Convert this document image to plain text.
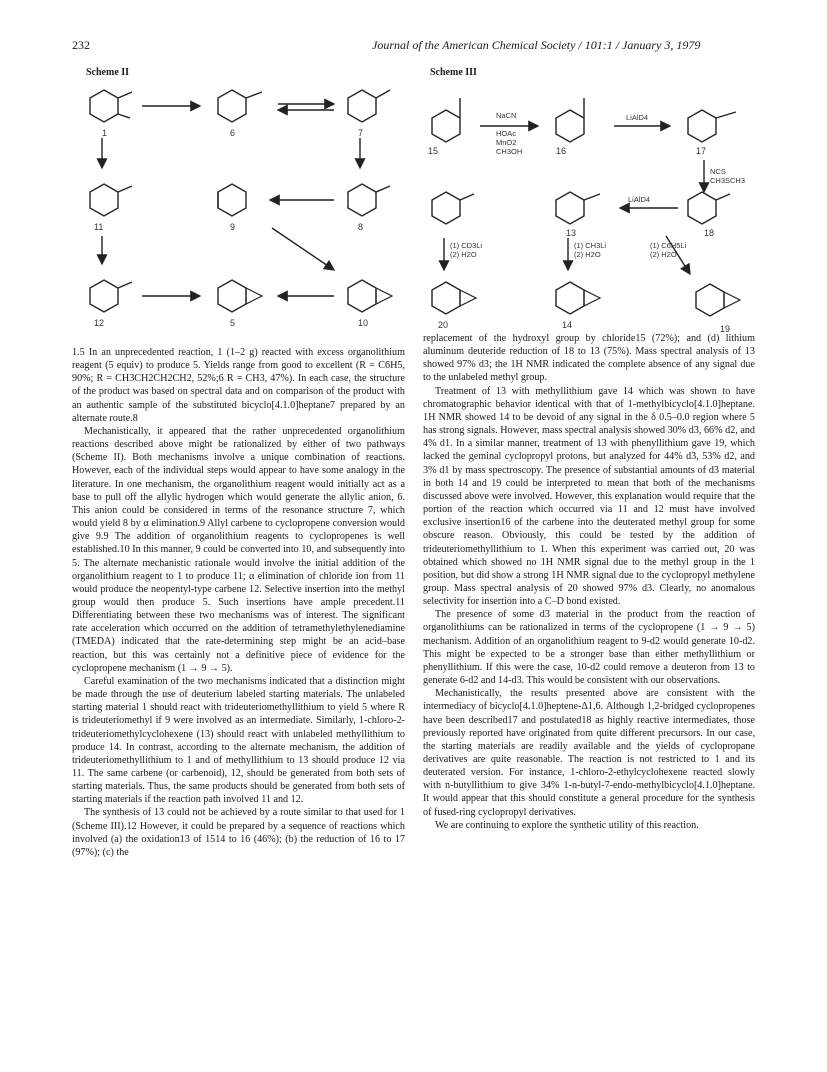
232	Journal of the American Chemical Society / 101:1 / January 3, 1979
Scheme II	Scheme III
1	6	7
11	9	8
12	5	10
NaCN
HOAc
MnO2
CH3OH
LiAlD4
NCS
CH3SCH3
LiAlD4
(1) CD3Li
(2) H2O
(1) CH3Li
(2) H2O
(1) C6H5Li
(2) H2O
15	16	17
13	18
20	14	19

1.5 In an unprecedented reaction, 1 (1–2 g) reacted with excess organolithium reagent (5 equiv) to produce 5. Yields range from good to excellent (R = C6H5, 90%; R = CH3CH2CH2CH2, 52%;6 R = CH3, 47%). In each case, the structure of the product was based on spectral data and on comparison of the product with an authentic sample of the substituted bicyclo[4.1.0]heptane7 prepared by an alternate route.8

Mechanistically, it appeared that the rather unprecedented organolithium reactions described above might be rationalized by either of two pathways (Scheme II). Both mechanisms involve a unique combination of reactions. However, each of the individual steps would appear to have some analogy in the literature. In one mechanism, the organolithium reagent would initially act as a base to pull off the allylic hydrogen which would generate the allylic anion, 6. This anion could be considered in terms of the resonance structure 7, which would yield 8 by α elimination.9 Allyl carbene to cyclopropene conversion would give 9.9 The addition of organolithium reagents to cyclopropenes is well established.10 In this manner, 9 could be converted into 10, and subsequently into 5. The alternate mechanistic rationale would involve the initial addition of the organolithium reagent to 1 to produce 11; α elimination of chloride ion from 11 would produce the neopentyl-type carbene 12. Selective insertion into the methyl group would then produce 5. Such insertions have ample precedent.11 Differentiating between these two mechanisms was of interest. The significant rate acceleration which occurred on the addition of tetramethylethylenediamine (TMEDA) indicated that the rate-determining step might be an acid–base reaction, but this was certainly not a definitive piece of evidence for the cyclopropene mechanism (1 → 9 → 5).

Careful examination of the two mechanisms indicated that a distinction might be made through the use of deuterium labeled starting materials. The unlabeled starting material 1 should react with trideuteriomethyllithium to yield 5 where R is trideuteriomethyl if 9 were involved as an intermediate. Similarly, 1-chloro-2-trideuteriomethylcyclohexene (13) should react with unlabeled methyllithium to produce 14. In contrast, according to the alternate mechanism, the addition of trideuteriomethyllithium to 1 and of methyllithium to 13 should produce 12 via 11. The same carbene (or carbenoid), 12, should be generated from both sets of starting materials. Thus, the same products should be generated from both sets of starting materials if the reaction path involved 11 and 12.

The synthesis of 13 could not be achieved by a route similar to that used for 1 (Scheme III).12 However, it could be prepared by a sequence of reactions which involved (a) the oxidation13 of 1514 to 16 (46%); (b) the reduction of 16 to 17 (97%); (c) the

replacement of the hydroxyl group by chloride15 (72%); and (d) lithium aluminum deuteride reduction of 18 to 13 (75%). Mass spectral analysis of 13 showed 97% d3; the 1H NMR indicated the complete absence of any signal due to the unlabeled methyl group.

Treatment of 13 with methyllithium gave 14 which was shown to have chromatographic behavior identical with that of 1-methylbicyclo[4.1.0]heptane. 1H NMR showed 14 to be devoid of any signal in the δ 0.5–0.0 region where 5 has strong signals. However, mass spectral analysis showed 30% d3, 66% d2, and 4% d1. In a similar manner, treatment of 13 with phenyllithium gave 19, which lacked the geminal cyclopropyl protons, but analyzed for 44% d3, 53% d2, and 3% d1 by mass spectroscopy. The presence of substantial amounts of d3 material in both 14 and 19 could be interpreted to mean that both of the mechanisms discussed above were involved. However, this explanation would require that the portion of the reaction which occurred via 11 and 12 must have involved exclusive insertion16 of the carbene into the deuterated methyl group for some obscure reason. Obviously, this could be tested by the addition of trideuteriomethyllithium to 1. When this experiment was carried out, 20 was obtained which showed no 1H NMR signal due to the methyl group in the 1 position, but did show a strong 1H NMR signal due to the cyclopropyl methylene group. Mass spectral analysis of 20 showed 97% d3. Clearly, no anomalous selectivity for insertion into a C–D bond existed.

The presence of some d3 material in the product from the reaction of organolithiums can be rationalized in terms of the cyclopropene (1 → 9 → 5) mechanism. Addition of an organolithium reagent to 9-d2 would generate 10-d2. This might be expected to be a stronger base than either methyllithium or phenyllithium. If this were the case, 10-d2 could remove a deuteron from 13 to generate 6-d2 and 14-d3. This would be consistent with our observations.

Mechanistically, the results presented above are consistent with the intermediacy of bicyclo[4.1.0]heptene-Δ1,6. Although 1,2-bridged cyclopropenes have been described17 and postulated18 as highly reactive intermediates, those previously reported have originated from quite different precursors. In our case, the starting materials are readily available and the yields of cyclopropane derivatives are quite reasonable. The reaction is not restricted to 1 and its deuterated version. For instance, 1-chloro-2-ethylcyclohexene reacted slowly with n-butyllithium to give 34% 1-n-butyl-7-endo-methylbicyclo[4.1.0]heptane. It would appear that this should constitute a general procedure for the synthesis of fused-ring cyclopropyl derivatives.

We are continuing to explore the synthetic utility of this reaction.
